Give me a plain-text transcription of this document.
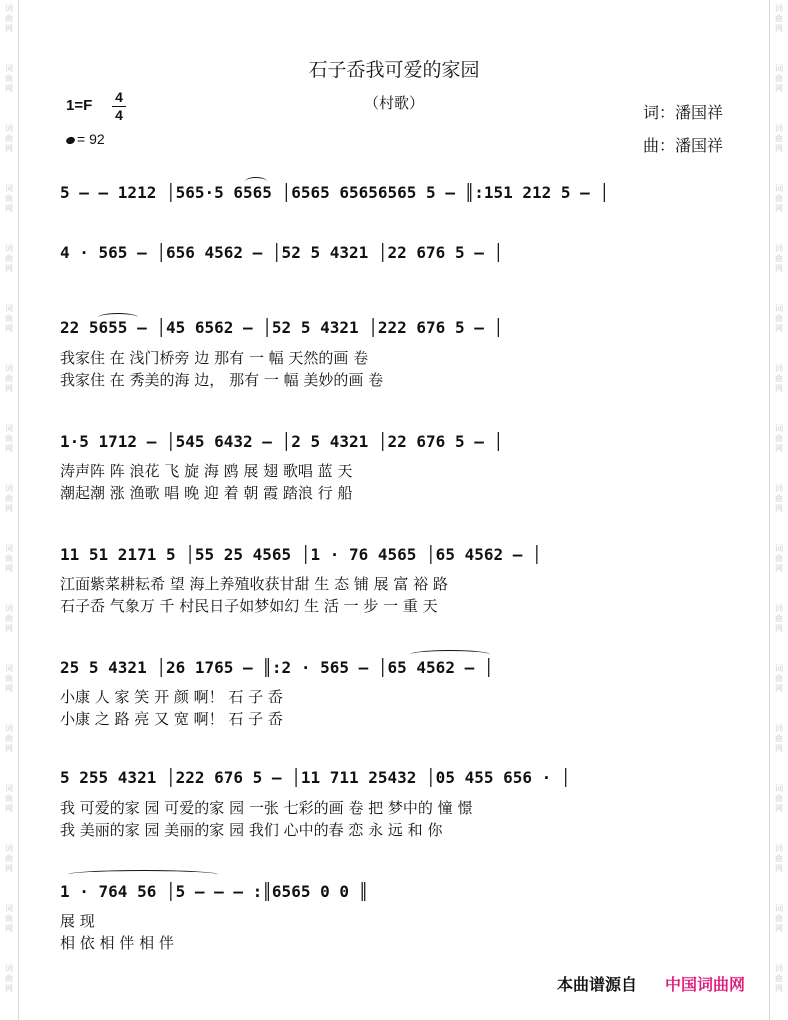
石子岙我可爱的家园
（村歌）	词：潘国祥
曲：潘国祥
1=F 4
4
= 92
5 – – 1212 │565·5 6565 │6565 65656565 5 – ║:151 212 5 – │
4 · 565 – │656 4562 – │52 5 4321 │22 676 5 – │
22 5655 – │45 6562 – │52 5 4321 │222 676 5 – │
我家住 在 浅门桥旁 边 那有 一 幅 天然的画 卷
我家住 在 秀美的海 边， 那有 一 幅 美妙的画 卷
1·5 1712 – │545 6432 – │2 5 4321 │22 676 5 – │
涛声阵 阵 浪花 飞 旋 海 鸥 展 翅 歌唱 蓝 天
潮起潮 涨 渔歌 唱 晚 迎 着 朝 霞 踏浪 行 船
11 51 2171 5 │55 25 4565 │1 · 76 4565 │65 4562 – │
江面紫菜耕耘希 望 海上养殖收获甘甜 生 态 铺 展 富 裕 路
石子岙 气象万 千 村民日子如梦如幻 生 活 一 步 一 重 天
25 5 4321 │26 1765 – ║:2 · 565 – │65 4562 – │
小康 人 家 笑 开 颜 啊！ 石 子 岙
小康 之 路 亮 又 宽 啊！ 石 子 岙
5 255 4321 │222 676 5 – │11 711 25432 │05 455 656 · │
我 可爱的家 园 可爱的家 园 一张 七彩的画 卷 把 梦中的 憧 憬
我 美丽的家 园 美丽的家 园 我们 心中的春 恋 永 远 和 你
1 · 764 56 │5 – – – :║6565 0 0 ║
展 现
相 依 相 伴 相 伴
本曲谱源自 中国词曲网
词
曲
网
词
曲
网
词
曲
网
词
曲
网
词
曲
网
词
曲
网
词
曲
网
词
曲
网
词
曲
网
词
曲
网
词
曲
网
词
曲
网
词
曲
网
词
曲
网
词
曲
网
词
曲
网
词
曲
网
词
曲
网
词
曲
网
词
曲
网
词
曲
网
词
曲
网
词
曲
网
词
曲
网
词
曲
网
词
曲
网
词
曲
网
词
曲
网
词
曲
网
词
曲
网
词
曲
网
词
曲
网
词
曲
网
词
曲
网
